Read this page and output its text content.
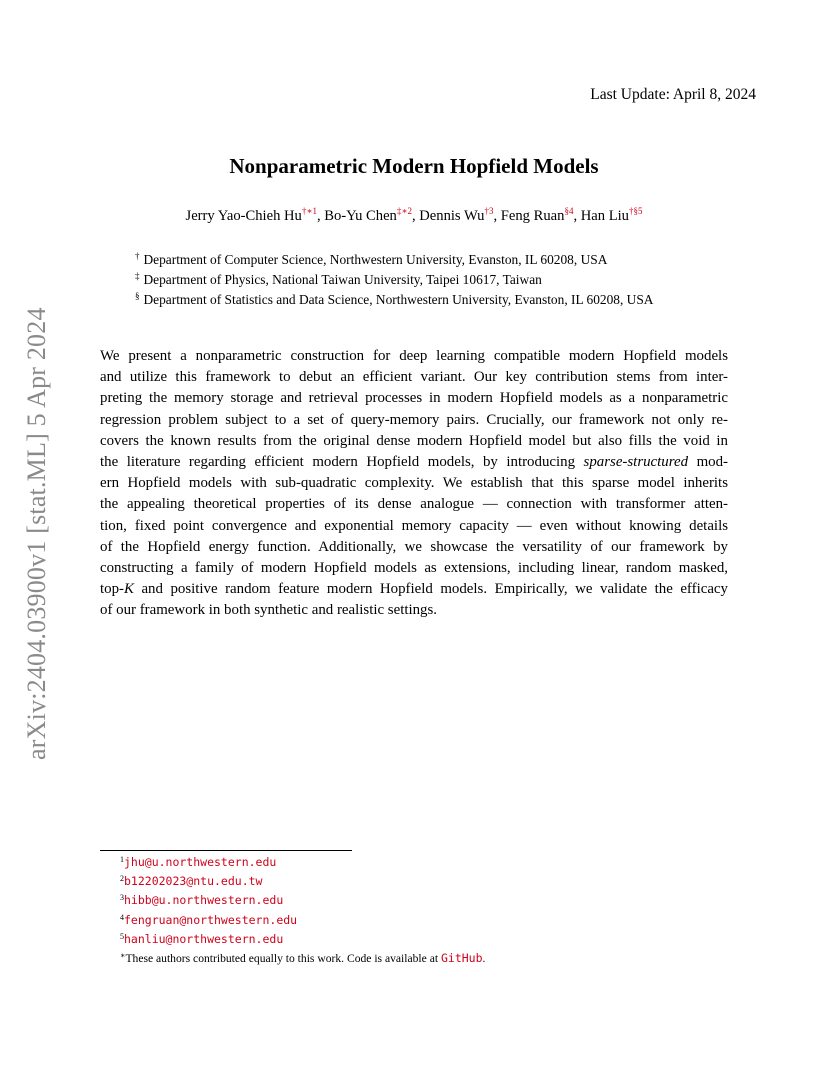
Last Update: April 8, 2024
arXiv:2404.03900v1 [stat.ML] 5 Apr 2024
Nonparametric Modern Hopfield Models
Jerry Yao-Chieh $Hu^{\dagger∗1}$, Bo-Yu Chen$^{\ddagger∗2}$, Dennis Wu$^{\dagger 3}$, Feng Ruan$^{\S 4}$, Han Liu$^{\dagger\S 5}$
† Department of Computer Science, Northwestern University, Evanston, IL 60208, USA
‡ Department of Physics, National Taiwan University, Taipei 10617, Taiwan
§ Department of Statistics and Data Science, Northwestern University, Evanston, IL 60208, USA
We present a nonparametric construction for deep learning compatible modern Hopfield models
and utilize this framework to debut an efficient variant. Our key contribution stems from inter-
preting the memory storage and retrieval processes in modern Hopfield models as a nonparametric
regression problem subject to a set of query-memory pairs. Crucially, our framework not only re-
covers the known results from the original dense modern Hopfield model but also fills the void in
the literature regarding efficient modern Hopfield models, by introducing sparse-structured mod-
ern Hopfield models with sub-quadratic complexity. We establish that this sparse model inherits
the appealing theoretical properties of its dense analogue — connection with transformer atten-
tion, fixed point convergence and exponential memory capacity — even without knowing details
of the Hopfield energy function. Additionally, we showcase the versatility of our framework by
constructing a family of modern Hopfield models as extensions, including linear, random masked,
top-K and positive random feature modern Hopfield models. Empirically, we validate the efficacy
of our framework in both synthetic and realistic settings.
$^1$jhu@u.northwestern.edu
$^2$b12202023@ntu.edu.tw
$^3$hibb@u.northwestern.edu
$^4$fengruan@northwestern.edu
$^5$hanliu@northwestern.edu
∗These authors contributed equally to this work. Code is available at GitHub.
